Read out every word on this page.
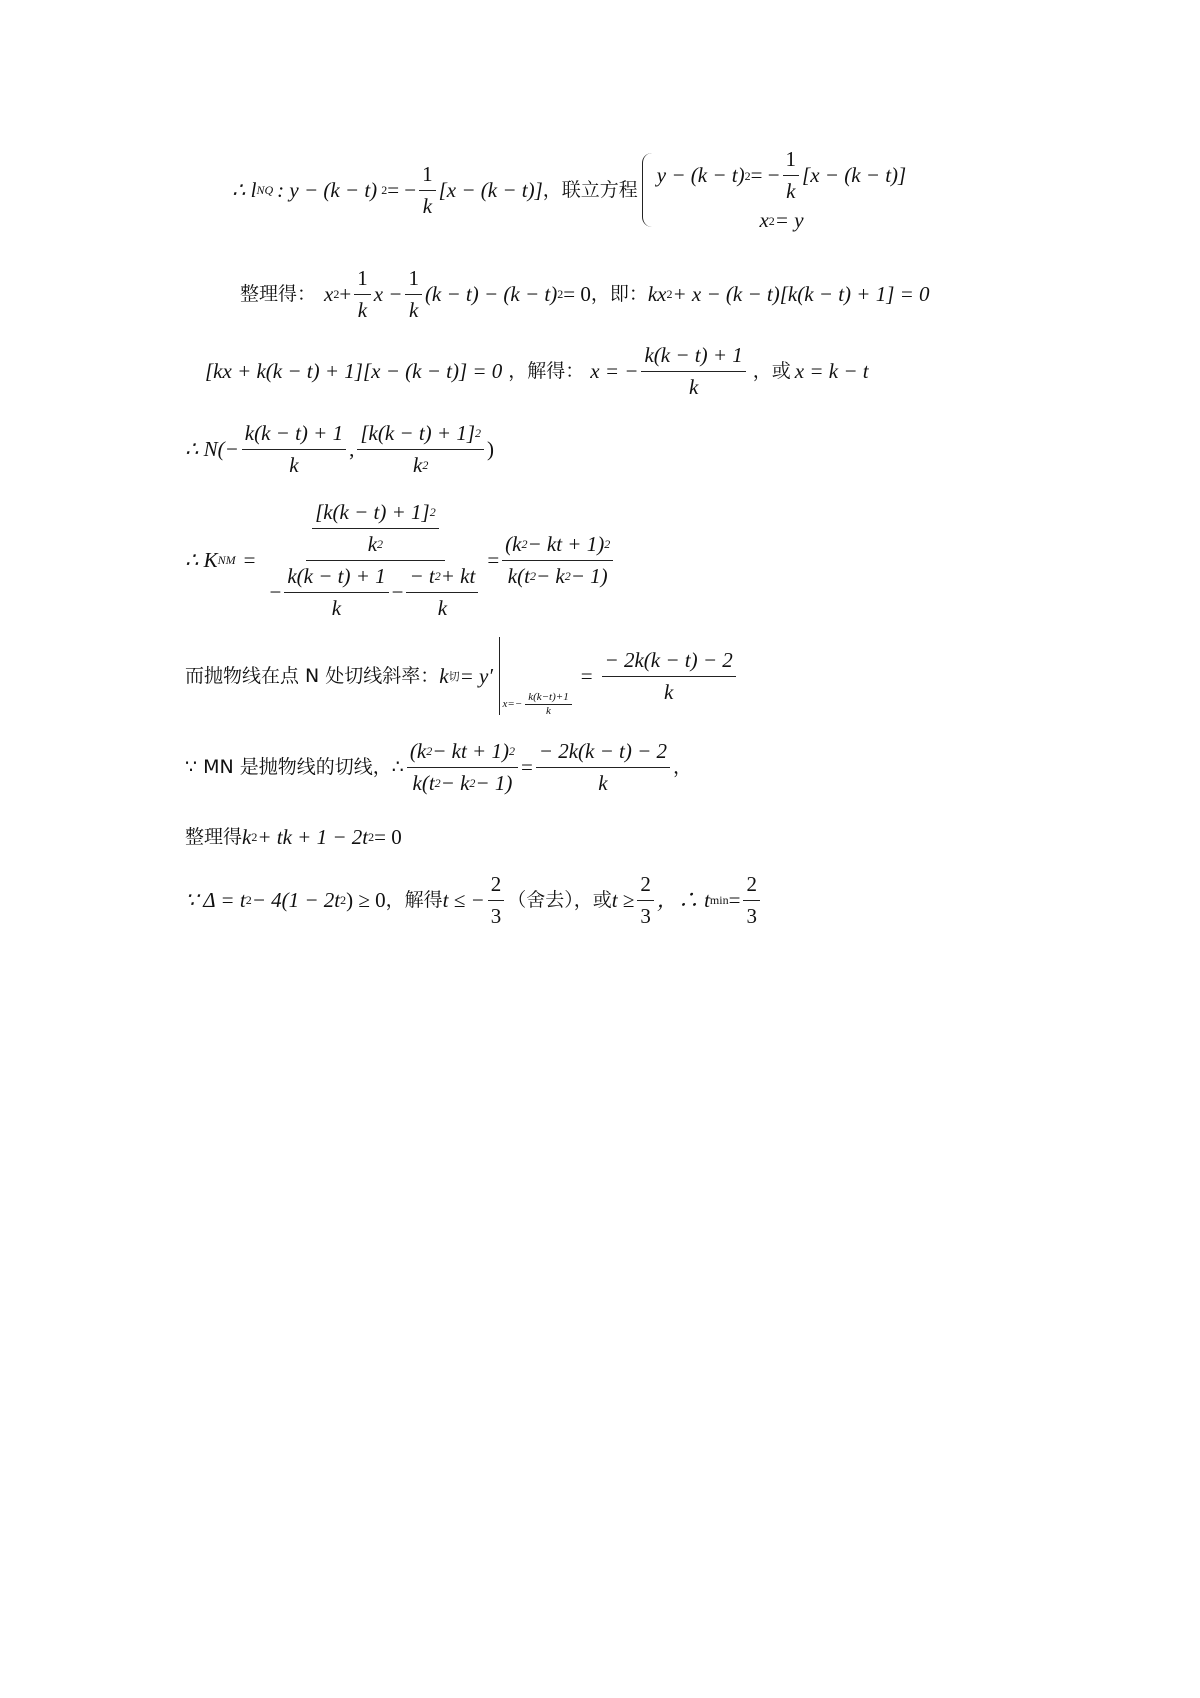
∴ l NQ : y − (k − t) 2 = − $\frac{1}{k} [x - (k - t)]$ ，联立方程
y − (k − t) 2 = − $\frac{1}{k} [x - (k - t)]$
x 2 = y
整理得： x $2 + \frac{1}{k}$ $x - \frac{1}{k} (k - t) - (k - t) 2 = 0$ ，即： kx 2 + x − (k − t)[k(k − t) + 1] = 0
[kx + k(k − t) + 1][x − (k − t)] = 0 ，解得： x = − $\frac{k(k - t) + 1}{k}$ ，或 x = k − t
∴ $N(- \frac{k(k - t) + 1}{k}$ , $\frac{[k(k - t) + 1] 2}{k 2}$ )
∴ K NM =
$\frac{[k(k - t) + 1] 2}{k 2}$
− $\frac{k(k - t) + 1}{k} - \frac{- t 2 + kt}{k}$
= $\frac{(k 2 - kt + 1) 2}{k(t 2 - k 2 - 1)}$
而抛物线在点 N 处切线斜率： k 切 = y′
$x=- \frac{k(k-t)+1}{k}$
= $\frac{- 2k(k - t) - 2}{k}$
∵ MN 是抛物线的切线，∴ $\frac{(k 2 - kt + 1) 2}{k(t 2 - k 2 - 1)} = \frac{- 2k(k - t) - 2}{k}$ ，
整理得 k 2 + tk + 1 − 2t 2 = 0
∵ Δ = t 2 − 4(1 − 2t 2 ) ≥ 0 ，解得 t ≤ − $\frac{2}{3}$ （舍去），或 $t \ge \frac{2}{3}$ ，∴ t $\min = \frac{2}{3}$
